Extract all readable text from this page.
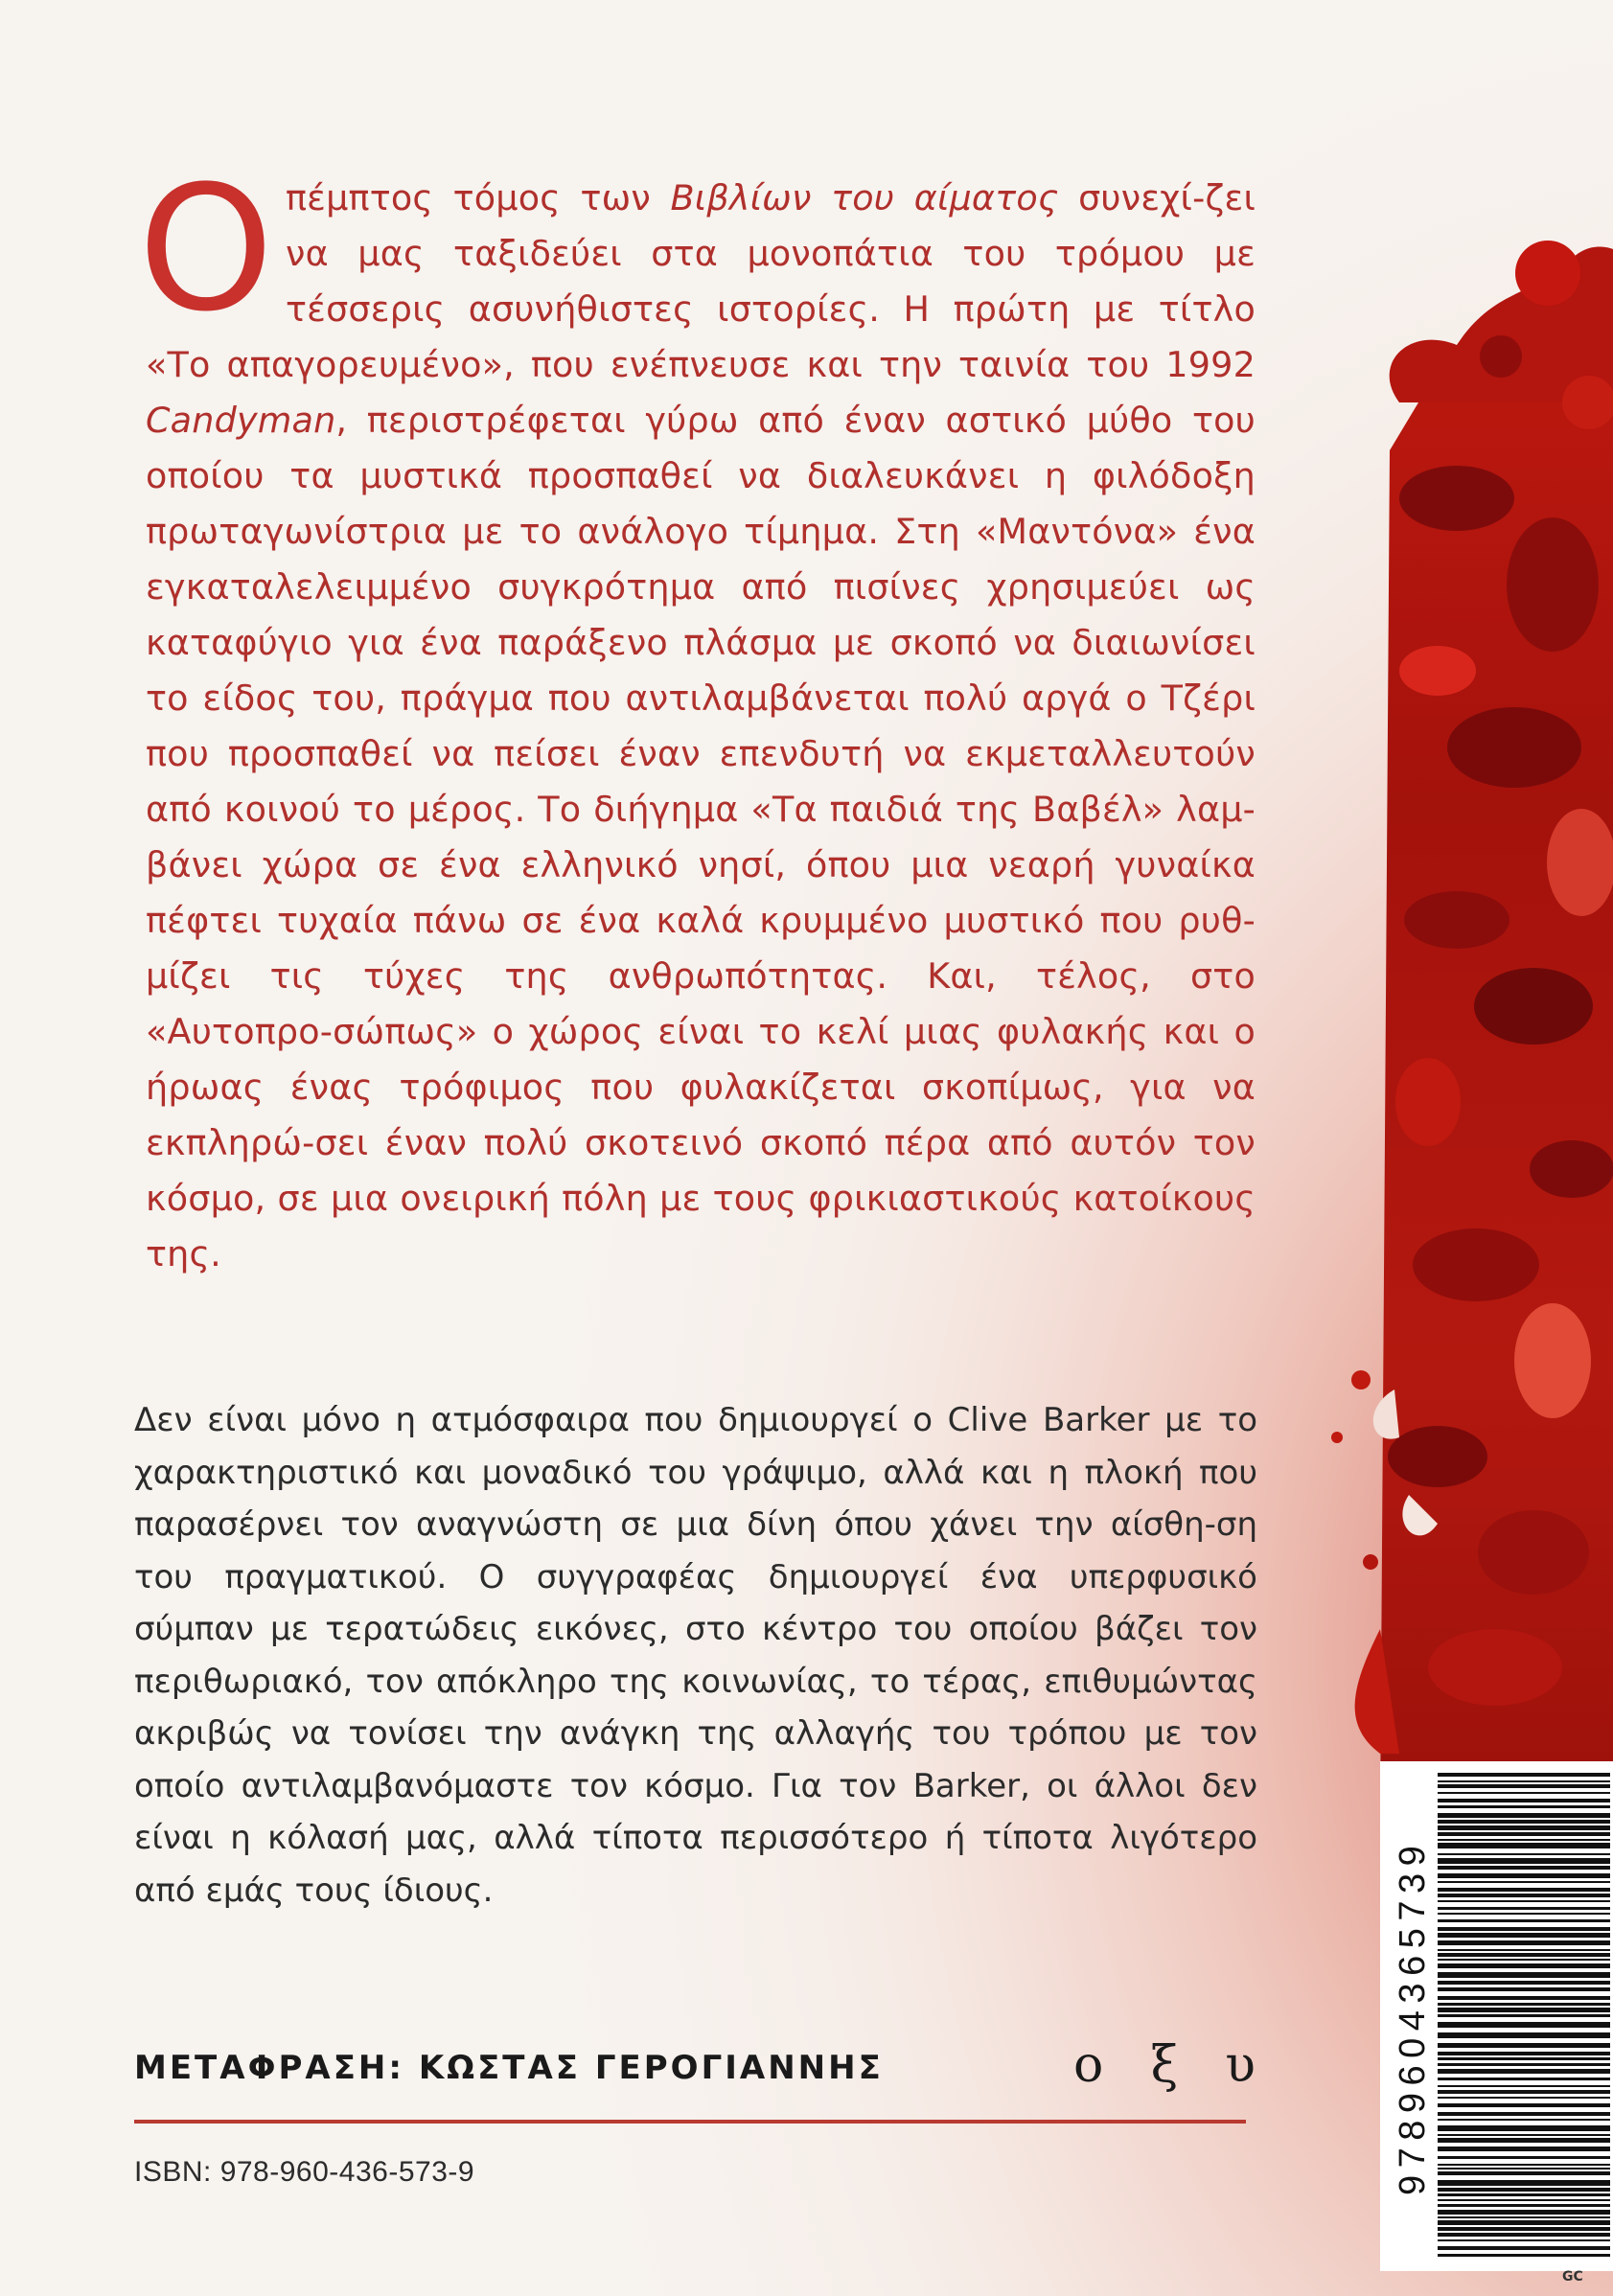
Ο πέμπτος τόμος των Βιβλίων του αίματος συνεχί-ζει να μας ταξιδεύει στα μονοπάτια του τρόμου με τέσσερις ασυνήθιστες ιστορίες. Η πρώτη με τίτλο «Το απαγορευμένο», που ενέπνευσε και την ταινία του 1992 Candyman, περιστρέφεται γύρω από έναν αστικό μύθο του οποίου τα μυστικά προσπαθεί να διαλευκάνει η φιλόδοξη πρωταγωνίστρια με το ανάλογο τίμημα. Στη «Μαντόνα» ένα εγκαταλελειμμένο συγκρότημα από πισίνες χρησιμεύει ως καταφύγιο για ένα παράξενο πλάσμα με σκοπό να διαιωνίσει το είδος του, πράγμα που αντιλαμβάνεται πολύ αργά ο Τζέρι που προσπαθεί να πείσει έναν επενδυτή να εκμεταλλευτούν από κοινού το μέρος. Το διήγημα «Τα παιδιά της Βαβέλ» λαμ-βάνει χώρα σε ένα ελληνικό νησί, όπου μια νεαρή γυναίκα πέφτει τυχαία πάνω σε ένα καλά κρυμμένο μυστικό που ρυθ-μίζει τις τύχες της ανθρωπότητας. Και, τέλος, στο «Αυτοπρο-σώπως» ο χώρος είναι το κελί μιας φυλακής και ο ήρωας ένας τρόφιμος που φυλακίζεται σκοπίμως, για να εκπληρώ-σει έναν πολύ σκοτεινό σκοπό πέρα από αυτόν τον κόσμο, σε μια ονειρική πόλη με τους φρικιαστικούς κατοίκους της.
Δεν είναι μόνο η ατμόσφαιρα που δημιουργεί ο Clive Barker με το χαρακτηριστικό και μοναδικό του γράψιμο, αλλά και η πλοκή που παρασέρνει τον αναγνώστη σε μια δίνη όπου χάνει την αίσθη-ση του πραγματικού. Ο συγγραφέας δημιουργεί ένα υπερφυσικό σύμπαν με τερατώδεις εικόνες, στο κέντρο του οποίου βάζει τον περιθωριακό, τον απόκληρο της κοινωνίας, το τέρας, επιθυμώντας ακριβώς να τονίσει την ανάγκη της αλλαγής του τρόπου με τον οποίο αντιλαμβανόμαστε τον κόσμο. Για τον Barker, οι άλλοι δεν είναι η κόλασή μας, αλλά τίποτα περισσότερο ή τίποτα λιγότερο από εμάς τους ίδιους.
ΜΕΤΑΦΡΑΣΗ: ΚΩΣΤΑΣ ΓΕΡΟΓΙΑΝΝΗΣ	ο ξ υ
ISBN: 978-960-436-573-9	9789604365739
GC
